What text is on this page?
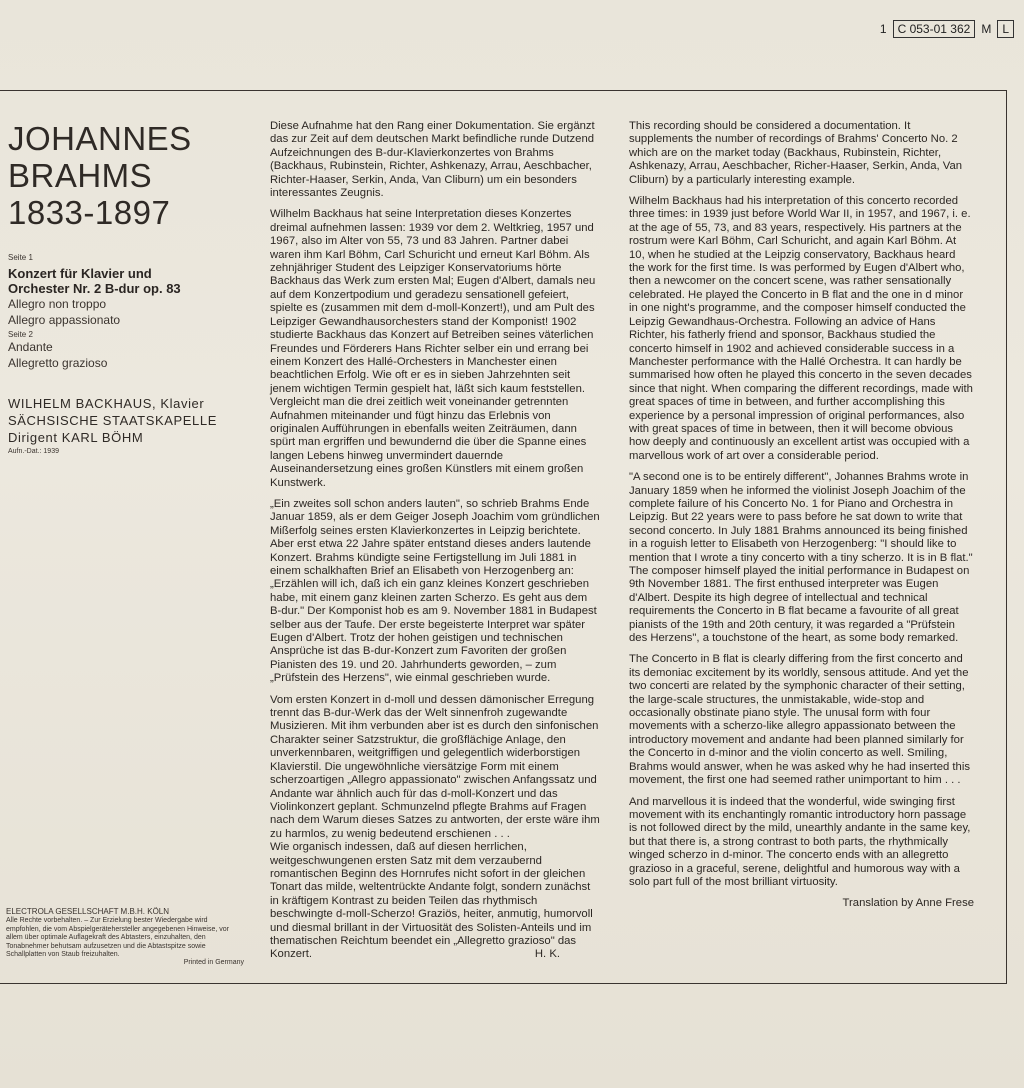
1 C 053-01 362 M L
JOHANNES
BRAHMS
1833-1897
Seite 1
Konzert für Klavier und
Orchester Nr. 2 B-dur op. 83
Allegro non troppo
Allegro appassionato
Seite 2
Andante
Allegretto grazioso
WILHELM BACKHAUS, Klavier
SÄCHSISCHE STAATSKAPELLE
Dirigent KARL BÖHM
Aufn.-Dat.: 1939
ELECTROLA GESELLSCHAFT M.B.H. KÖLN
Alle Rechte vorbehalten. – Zur Erzielung bester Wiedergabe wird empfohlen, die vom Abspielgerätehersteller angegebenen Hinweise, vor allem über optimale Auflagekraft des Abtasters, einzuhalten, den Tonabnehmer behutsam aufzusetzen und die Abtastspitze sowie Schallplatten von Staub freizuhalten.
Printed in Germany

Diese Aufnahme hat den Rang einer Dokumentation. Sie ergänzt das zur Zeit auf dem deutschen Markt befindliche runde Dutzend Aufzeichnungen des B-dur-Klavierkonzertes von Brahms (Backhaus, Rubinstein, Richter, Ashkenazy, Arrau, Aeschbacher, Richter-Haaser, Serkin, Anda, Van Cliburn) um ein besonders interessantes Zeugnis.

Wilhelm Backhaus hat seine Interpretation dieses Konzertes dreimal aufnehmen lassen: 1939 vor dem 2. Weltkrieg, 1957 und 1967, also im Alter von 55, 73 und 83 Jahren. Partner dabei waren ihm Karl Böhm, Carl Schuricht und erneut Karl Böhm. Als zehnjähriger Student des Leipziger Konservatoriums hörte Backhaus das Werk zum ersten Mal; Eugen d'Albert, damals neu auf dem Konzertpodium und geradezu sensationell gefeiert, spielte es (zusammen mit dem d-moll-Konzert!), und am Pult des Leipziger Gewandhausorchesters stand der Komponist! 1902 studierte Backhaus das Konzert auf Betreiben seines väterlichen Freundes und Förderers Hans Richter selber ein und errang bei einem Konzert des Hallé-Orchesters in Manchester einen beachtlichen Erfolg. Wie oft er es in sieben Jahrzehnten seit jenem wichtigen Termin gespielt hat, läßt sich kaum feststellen. Vergleicht man die drei zeitlich weit voneinander getrennten Aufnahmen miteinander und fügt hinzu das Erlebnis von originalen Aufführungen in ebenfalls weiten Zeiträumen, dann spürt man ergriffen und bewundernd die über die Spanne eines langen Lebens hinweg unvermindert dauernde Auseinandersetzung eines großen Künstlers mit einem großen Kunstwerk.

„Ein zweites soll schon anders lauten", so schrieb Brahms Ende Januar 1859, als er dem Geiger Joseph Joachim vom gründlichen Mißerfolg seines ersten Klavierkonzertes in Leipzig berichtete. Aber erst etwa 22 Jahre später entstand dieses anders lautende Konzert. Brahms kündigte seine Fertigstellung im Juli 1881 in einem schalkhaften Brief an Elisabeth von Herzogenberg an: „Erzählen will ich, daß ich ein ganz kleines Konzert geschrieben habe, mit einem ganz kleinen zarten Scherzo. Es geht aus dem B-dur." Der Komponist hob es am 9. November 1881 in Budapest selber aus der Taufe. Der erste begeisterte Interpret war später Eugen d'Albert. Trotz der hohen geistigen und technischen Ansprüche ist das B-dur-Konzert zum Favoriten der großen Pianisten des 19. und 20. Jahrhunderts geworden, – zum „Prüfstein des Herzens", wie einmal geschrieben wurde.

Vom ersten Konzert in d-moll und dessen dämonischer Erregung trennt das B-dur-Werk das der Welt sinnenfroh zugewandte Musizieren. Mit ihm verbunden aber ist es durch den sinfonischen Charakter seiner Satzstruktur, die großflächige Anlage, den unverkennbaren, weitgriffigen und gelegentlich widerborstigen Klavierstil. Die ungewöhnliche viersätzige Form mit einem scherzoartigen „Allegro appassionato" zwischen Anfangssatz und Andante war ähnlich auch für das d-moll-Konzert und das Violinkonzert geplant. Schmunzelnd pflegte Brahms auf Fragen nach dem Warum dieses Satzes zu antworten, der erste wäre ihm zu harmlos, zu wenig bedeutend erschienen . . .

Wie organisch indessen, daß auf diesen herrlichen, weitgeschwungenen ersten Satz mit dem verzaubernd romantischen Beginn des Hornrufes nicht sofort in der gleichen Tonart das milde, weltentrückte Andante folgt, sondern zunächst in kräftigem Kontrast zu beiden Teilen das rhythmisch beschwingte d-moll-Scherzo! Graziös, heiter, anmutig, humorvoll und diesmal brillant in der Virtuosität des Solisten-Anteils und im thematischen Reichtum beendet ein „Allegretto grazioso" das

Konzert.	H. K.

This recording should be considered a documentation. It supplements the number of recordings of Brahms' Concerto No. 2 which are on the market today (Backhaus, Rubinstein, Richter, Ashkenazy, Arrau, Aeschbacher, Richer-Haaser, Serkin, Anda, Van Cliburn) by a particularly interesting example.

Wilhelm Backhaus had his interpretation of this concerto recorded three times: in 1939 just before World War II, in 1957, and 1967, i. e. at the age of 55, 73, and 83 years, respectively. His partners at the rostrum were Karl Böhm, Carl Schuricht, and again Karl Böhm. At 10, when he studied at the Leipzig conservatory, Backhaus heard the work for the first time. Is was performed by Eugen d'Albert who, then a newcomer on the concert scene, was rather sensationally celebrated. He played the Concerto in B flat and the one in d minor in one night's programme, and the composer himself conducted the Leipzig Gewandhaus-Orchestra. Following an advice of Hans Richter, his fatherly friend and sponsor, Backhaus studied the concerto himself in 1902 and achieved considerable success in a Manchester performance with the Hallé Orchestra. It can hardly be summarised how often he played this concerto in the seven decades since that night. When comparing the different recordings, made with great spaces of time in between, and further accomplishing this experience by a personal impression of original performances, also with great spaces of time in between, then it will become obvious how deeply and continuously an excellent artist was occupied with a marvellous work of art over a considerable period.

"A second one is to be entirely different", Johannes Brahms wrote in January 1859 when he informed the violinist Joseph Joachim of the complete failure of his Concerto No. 1 for Piano and Orchestra in Leipzig. But 22 years were to pass before he sat down to write that second concerto. In July 1881 Brahms announced its being finished in a roguish letter to Elisabeth von Herzogenberg: "I should like to mention that I wrote a tiny concerto with a tiny scherzo. It is in B flat." The composer himself played the initial performance in Budapest on 9th November 1881. The first enthused interpreter was Eugen d'Albert. Despite its high degree of intellectual and technical requirements the Concerto in B flat became a favourite of all great pianists of the 19th and 20th century, it was regarded a "Prüfstein des Herzens", a touchstone of the heart, as some body remarked.

The Concerto in B flat is clearly differing from the first concerto and its demoniac excitement by its worldly, sensous attitude. And yet the two concerti are related by the symphonic character of their setting, the large-scale structures, the unmistakable, wide-stop and occasionally obstinate piano style. The unusal form with four movements with a scherzo-like allegro appassionato between the introductory movement and andante had been planned similarly for the Concerto in d-minor and the violin concerto as well. Smiling, Brahms would answer, when he was asked why he had inserted this movement, the first one had seemed rather unimportant to him . . .

And marvellous it is indeed that the wonderful, wide swinging first movement with its enchantingly romantic introductory horn passage is not followed direct by the mild, unearthly andante in the same key, but that there is, a strong contrast to both parts, the rhythmically winged scherzo in d-minor. The concerto ends with an allegretto grazioso in a graceful, serene, delightful and humorous way with a solo part full of the most brilliant virtuosity.

Translation by Anne Frese
